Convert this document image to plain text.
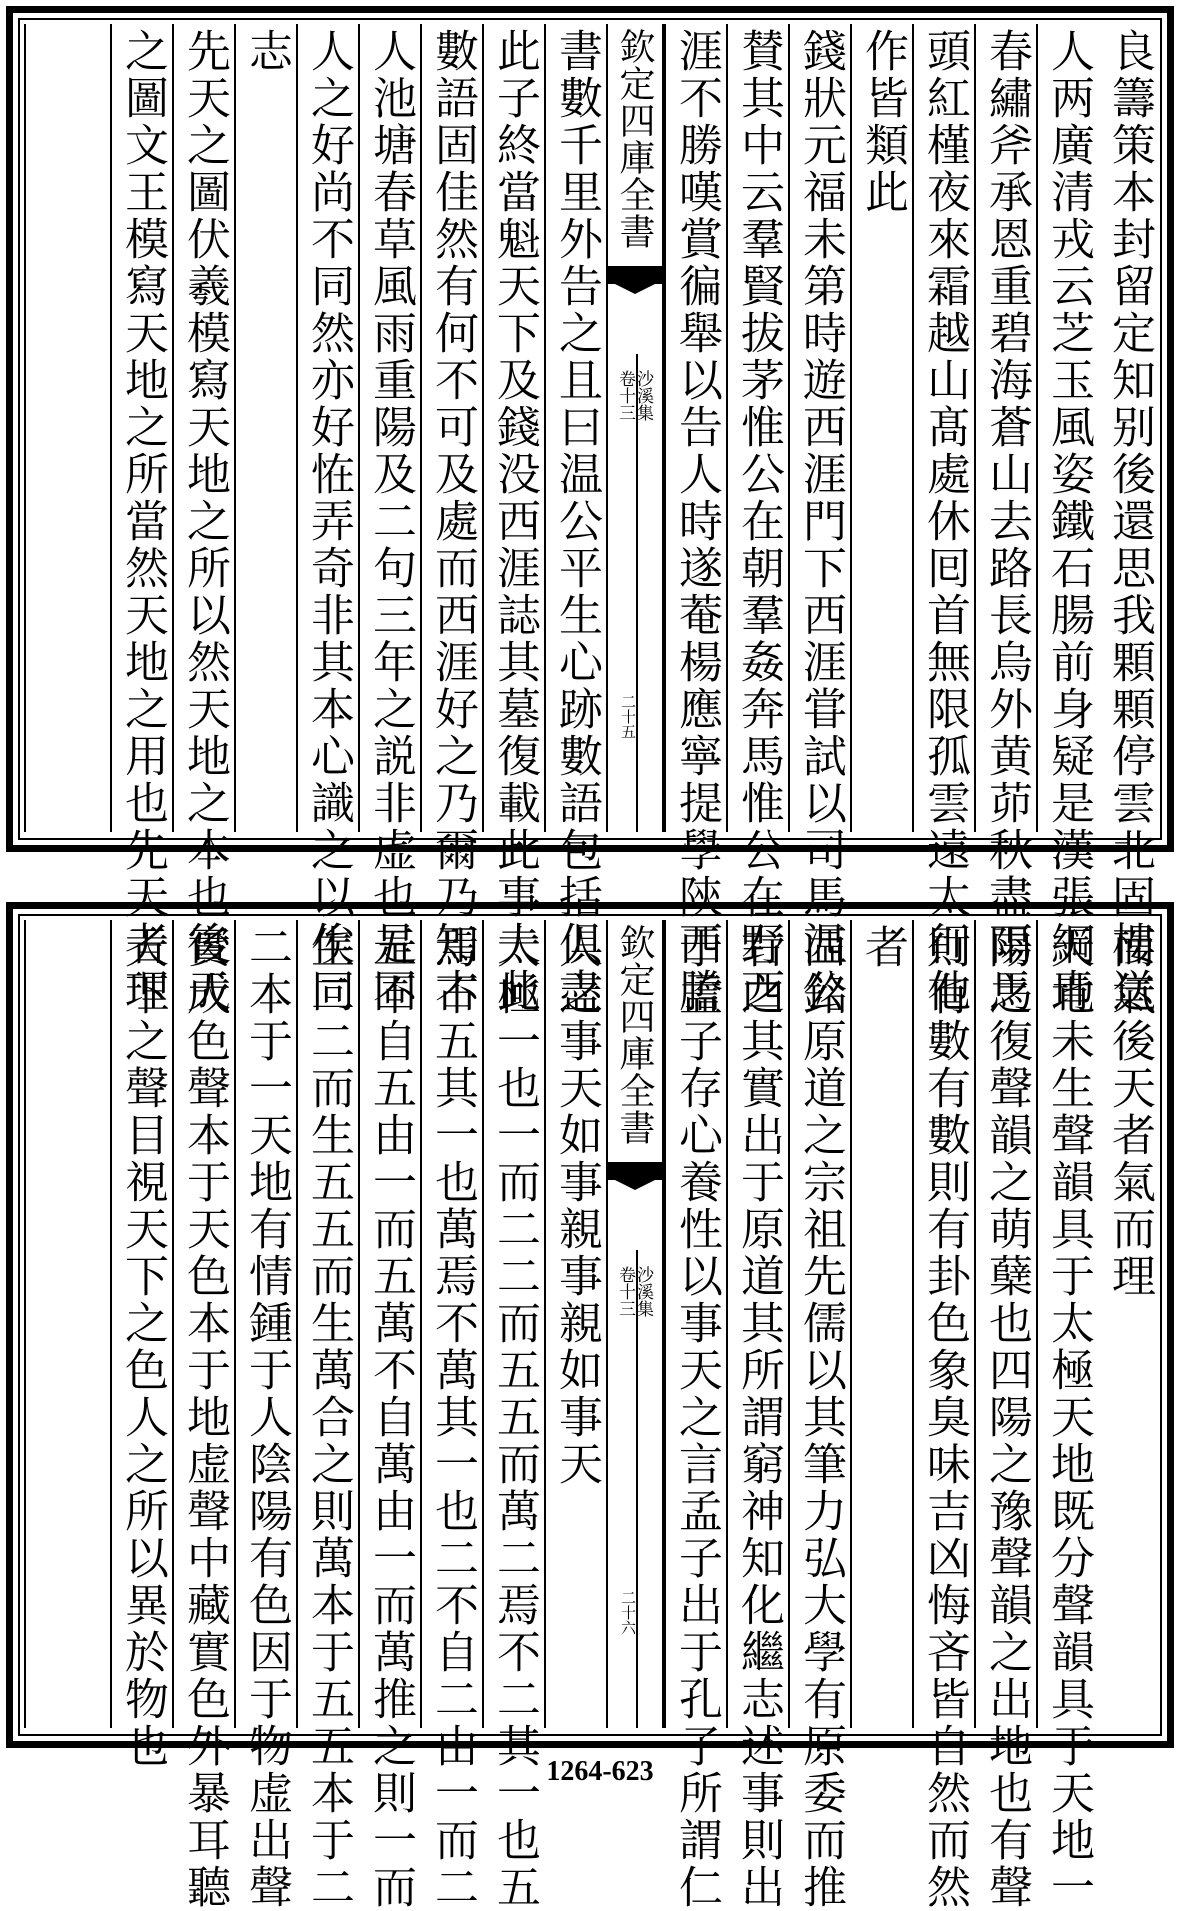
良籌策本封留定知别後還思我顆顆停雲北固樓送
人两廣清戎云芝玉風姿鐵石腸前身疑是漢張綱青
春繡斧承恩重碧海蒼山去路長烏外黄茆秋盡雨馬
頭紅槿夜來霜越山髙處休囘首無限孤雲遠太行他
作皆類此
錢狀元福未第時遊西涯門下西涯甞試以司馬温公
賛其中云羣賢拔茅惟公在朝羣姦奔馬惟公在野西
涯不勝嘆賞徧舉以告人時遂菴楊應寧提學陝西謄
欽定四庫全書
沙溪集
卷十三
二十五
書數千里外告之且曰温公平生心跡數語包括俱盡
此子終當魁天下及錢没西涯誌其墓復載此事夫此
數語固佳然有何不可及處而西涯好之乃爾乃知古
人池塘春草風雨重陽及二句三年之説非虚也是固
人之好尚不同然亦好恠弄奇非其本心識之以俟同
志
先天之圖伏羲模寫天地之所以然天地之本也後天
之圖文王模寫天地之所當然天地之用也先天者理
而氣後天者氣而理
天地未生聲韻具于太極天地既分聲韻具于天地一
陽之復聲韻之萌蘖也四陽之豫聲韻之出地也有聲
則有數有數則有卦色象臭味吉凶悔吝皆自然而然
者
西銘原道之宗祖先儒以其筆力弘大學有原委而推
右之其實出于原道其所謂窮神知化繼志述事則出
于孟子存心養性以事天之言孟子出于孔子所謂仁
欽定四庫全書
沙溪集
卷十三
二十六
人之事天如事親事親如事天
太極一也一而二二而五五而萬二焉不二其一也五
焉不五其一也萬焉不萬其一也二不自二由一而二
五不自五由一而五萬不自萬由一而萬推之則一而
生二二而生五五而生萬合之則萬本于五五本于二
二本于一天地有情鍾于人陰陽有色因于物虚出聲
實成色聲本于天色本于地虚聲中藏實色外暴耳聽
天下之聲目視天下之色人之所以異於物也
1264-623
